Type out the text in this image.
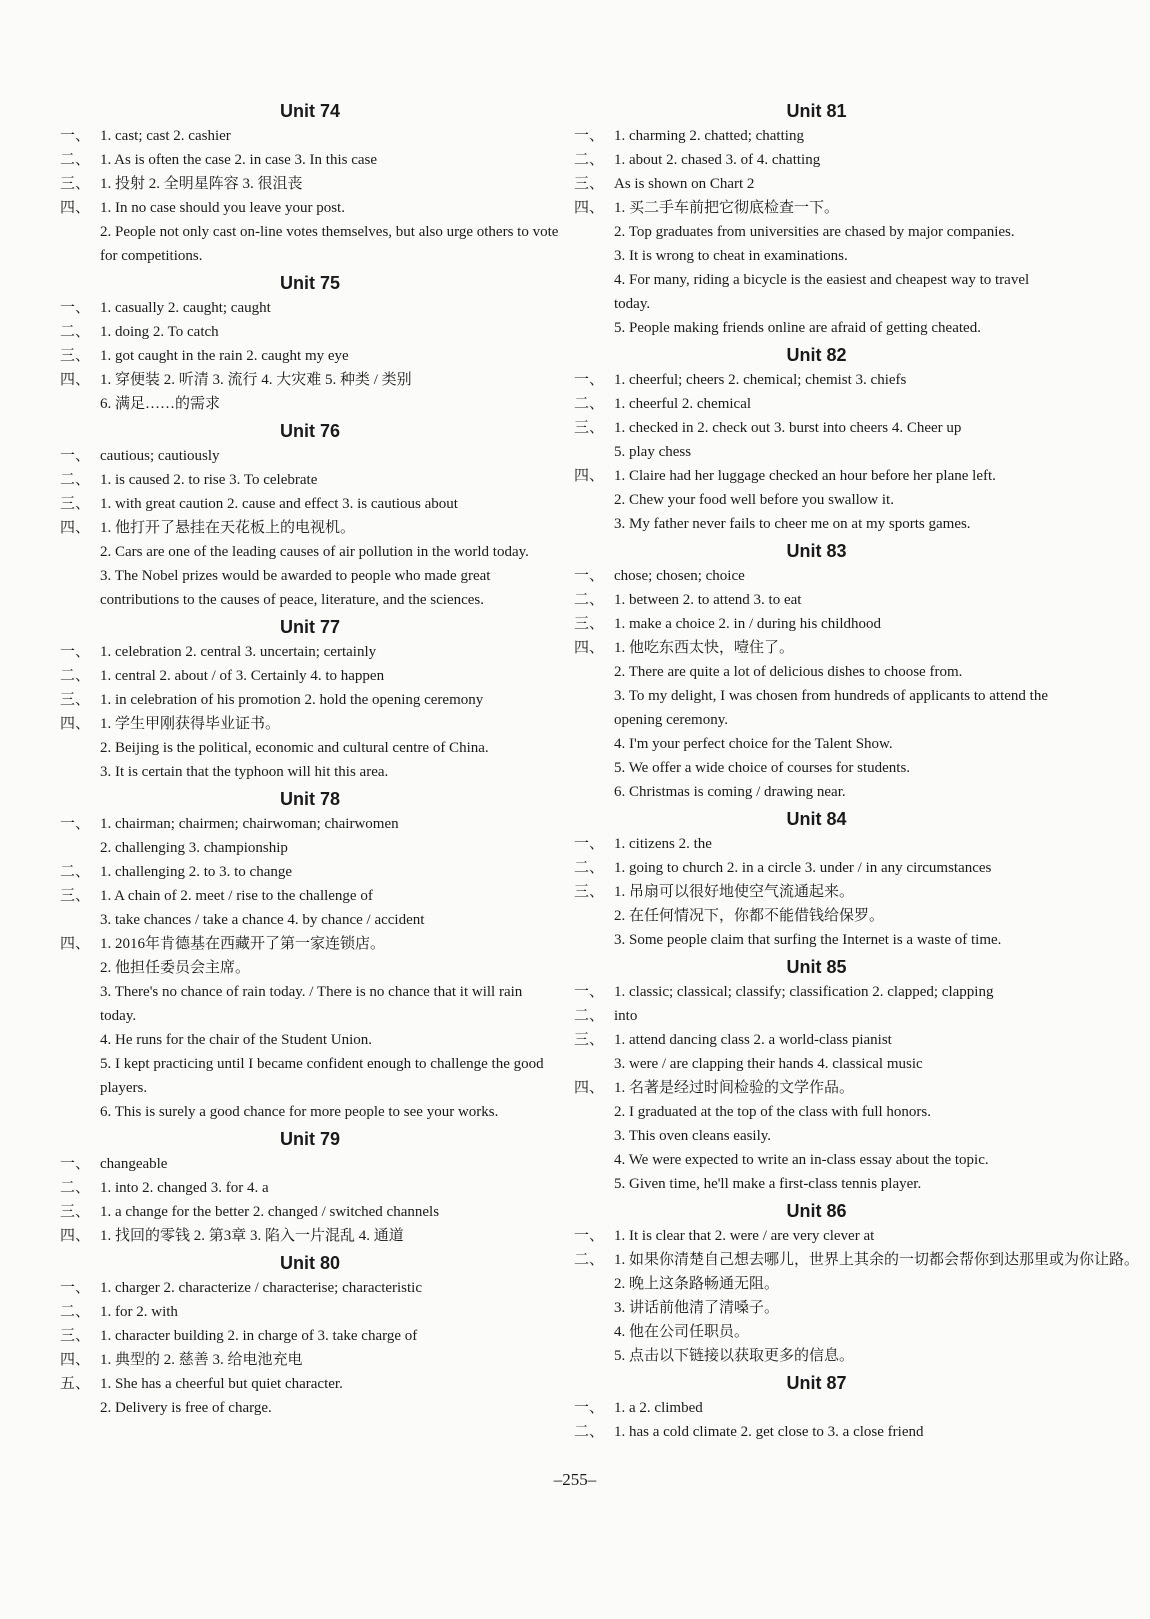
Unit 74
一、 1. cast; cast 2. cashier
二、 1. As is often the case 2. in case 3. In this case
三、 1. 投射 2. 全明星阵容 3. 很沮丧
四、 1. In no case should you leave your post.
2. People not only cast on-line votes themselves, but also urge others to vote for competitions.
Unit 75
一、 1. casually 2. caught; caught
二、 1. doing 2. To catch
三、 1. got caught in the rain 2. caught my eye
四、 1. 穿便装 2. 听清 3. 流行 4. 大灾难 5. 种类 / 类别
6. 满足……的需求
Unit 76
一、 cautious; cautiously
二、 1. is caused 2. to rise 3. To celebrate
三、 1. with great caution 2. cause and effect 3. is cautious about
四、 1. 他打开了悬挂在天花板上的电视机。
2. Cars are one of the leading causes of air pollution in the world today.
3. The Nobel prizes would be awarded to people who made great contributions to the causes of peace, literature, and the sciences.
Unit 77
一、 1. celebration 2. central 3. uncertain; certainly
二、 1. central 2. about / of 3. Certainly 4. to happen
三、 1. in celebration of his promotion 2. hold the opening ceremony
四、 1. 学生甲刚获得毕业证书。
2. Beijing is the political, economic and cultural centre of China.
3. It is certain that the typhoon will hit this area.
Unit 78
一、 1. chairman; chairmen; chairwoman; chairwomen
2. challenging 3. championship
二、 1. challenging 2. to 3. to change
三、 1. A chain of 2. meet / rise to the challenge of
3. take chances / take a chance 4. by chance / accident
四、 1. 2016年肯德基在西藏开了第一家连锁店。
2. 他担任委员会主席。
3. There's no chance of rain today. / There is no chance that it will rain today.
4. He runs for the chair of the Student Union.
5. I kept practicing until I became confident enough to challenge the good players.
6. This is surely a good chance for more people to see your works.
Unit 79
一、 changeable
二、 1. into 2. changed 3. for 4. a
三、 1. a change for the better 2. changed / switched channels
四、 1. 找回的零钱 2. 第3章 3. 陷入一片混乱 4. 通道
Unit 80
一、 1. charger 2. characterize / characterise; characteristic
二、 1. for 2. with
三、 1. character building 2. in charge of 3. take charge of
四、 1. 典型的 2. 慈善 3. 给电池充电
五、 1. She has a cheerful but quiet character.
2. Delivery is free of charge.
Unit 81
一、 1. charming 2. chatted; chatting
二、 1. about 2. chased 3. of 4. chatting
三、 As is shown on Chart 2
四、 1. 买二手车前把它彻底检查一下。
2. Top graduates from universities are chased by major companies.
3. It is wrong to cheat in examinations.
4. For many, riding a bicycle is the easiest and cheapest way to travel today.
5. People making friends online are afraid of getting cheated.
Unit 82
一、 1. cheerful; cheers 2. chemical; chemist 3. chiefs
二、 1. cheerful 2. chemical
三、 1. checked in 2. check out 3. burst into cheers 4. Cheer up
5. play chess
四、 1. Claire had her luggage checked an hour before her plane left.
2. Chew your food well before you swallow it.
3. My father never fails to cheer me on at my sports games.
Unit 83
一、 chose; chosen; choice
二、 1. between 2. to attend 3. to eat
三、 1. make a choice 2. in / during his childhood
四、 1. 他吃东西太快，噎住了。
2. There are quite a lot of delicious dishes to choose from.
3. To my delight, I was chosen from hundreds of applicants to attend the opening ceremony.
4. I'm your perfect choice for the Talent Show.
5. We offer a wide choice of courses for students.
6. Christmas is coming / drawing near.
Unit 84
一、 1. citizens 2. the
二、 1. going to church 2. in a circle 3. under / in any circumstances
三、 1. 吊扇可以很好地使空气流通起来。
2. 在任何情况下，你都不能借钱给保罗。
3. Some people claim that surfing the Internet is a waste of time.
Unit 85
一、 1. classic; classical; classify; classification 2. clapped; clapping
二、 into
三、 1. attend dancing class 2. a world-class pianist
3. were / are clapping their hands 4. classical music
四、 1. 名著是经过时间检验的文学作品。
2. I graduated at the top of the class with full honors.
3. This oven cleans easily.
4. We were expected to write an in-class essay about the topic.
5. Given time, he'll make a first-class tennis player.
Unit 86
一、 1. It is clear that 2. were / are very clever at
二、 1. 如果你清楚自己想去哪儿，世界上其余的一切都会帮你到达那里或为你让路。
2. 晚上这条路畅通无阻。
3. 讲话前他清了清嗓子。
4. 他在公司任职员。
5. 点击以下链接以获取更多的信息。
Unit 87
一、 1. a 2. climbed
二、 1. has a cold climate 2. get close to 3. a close friend
–255–
